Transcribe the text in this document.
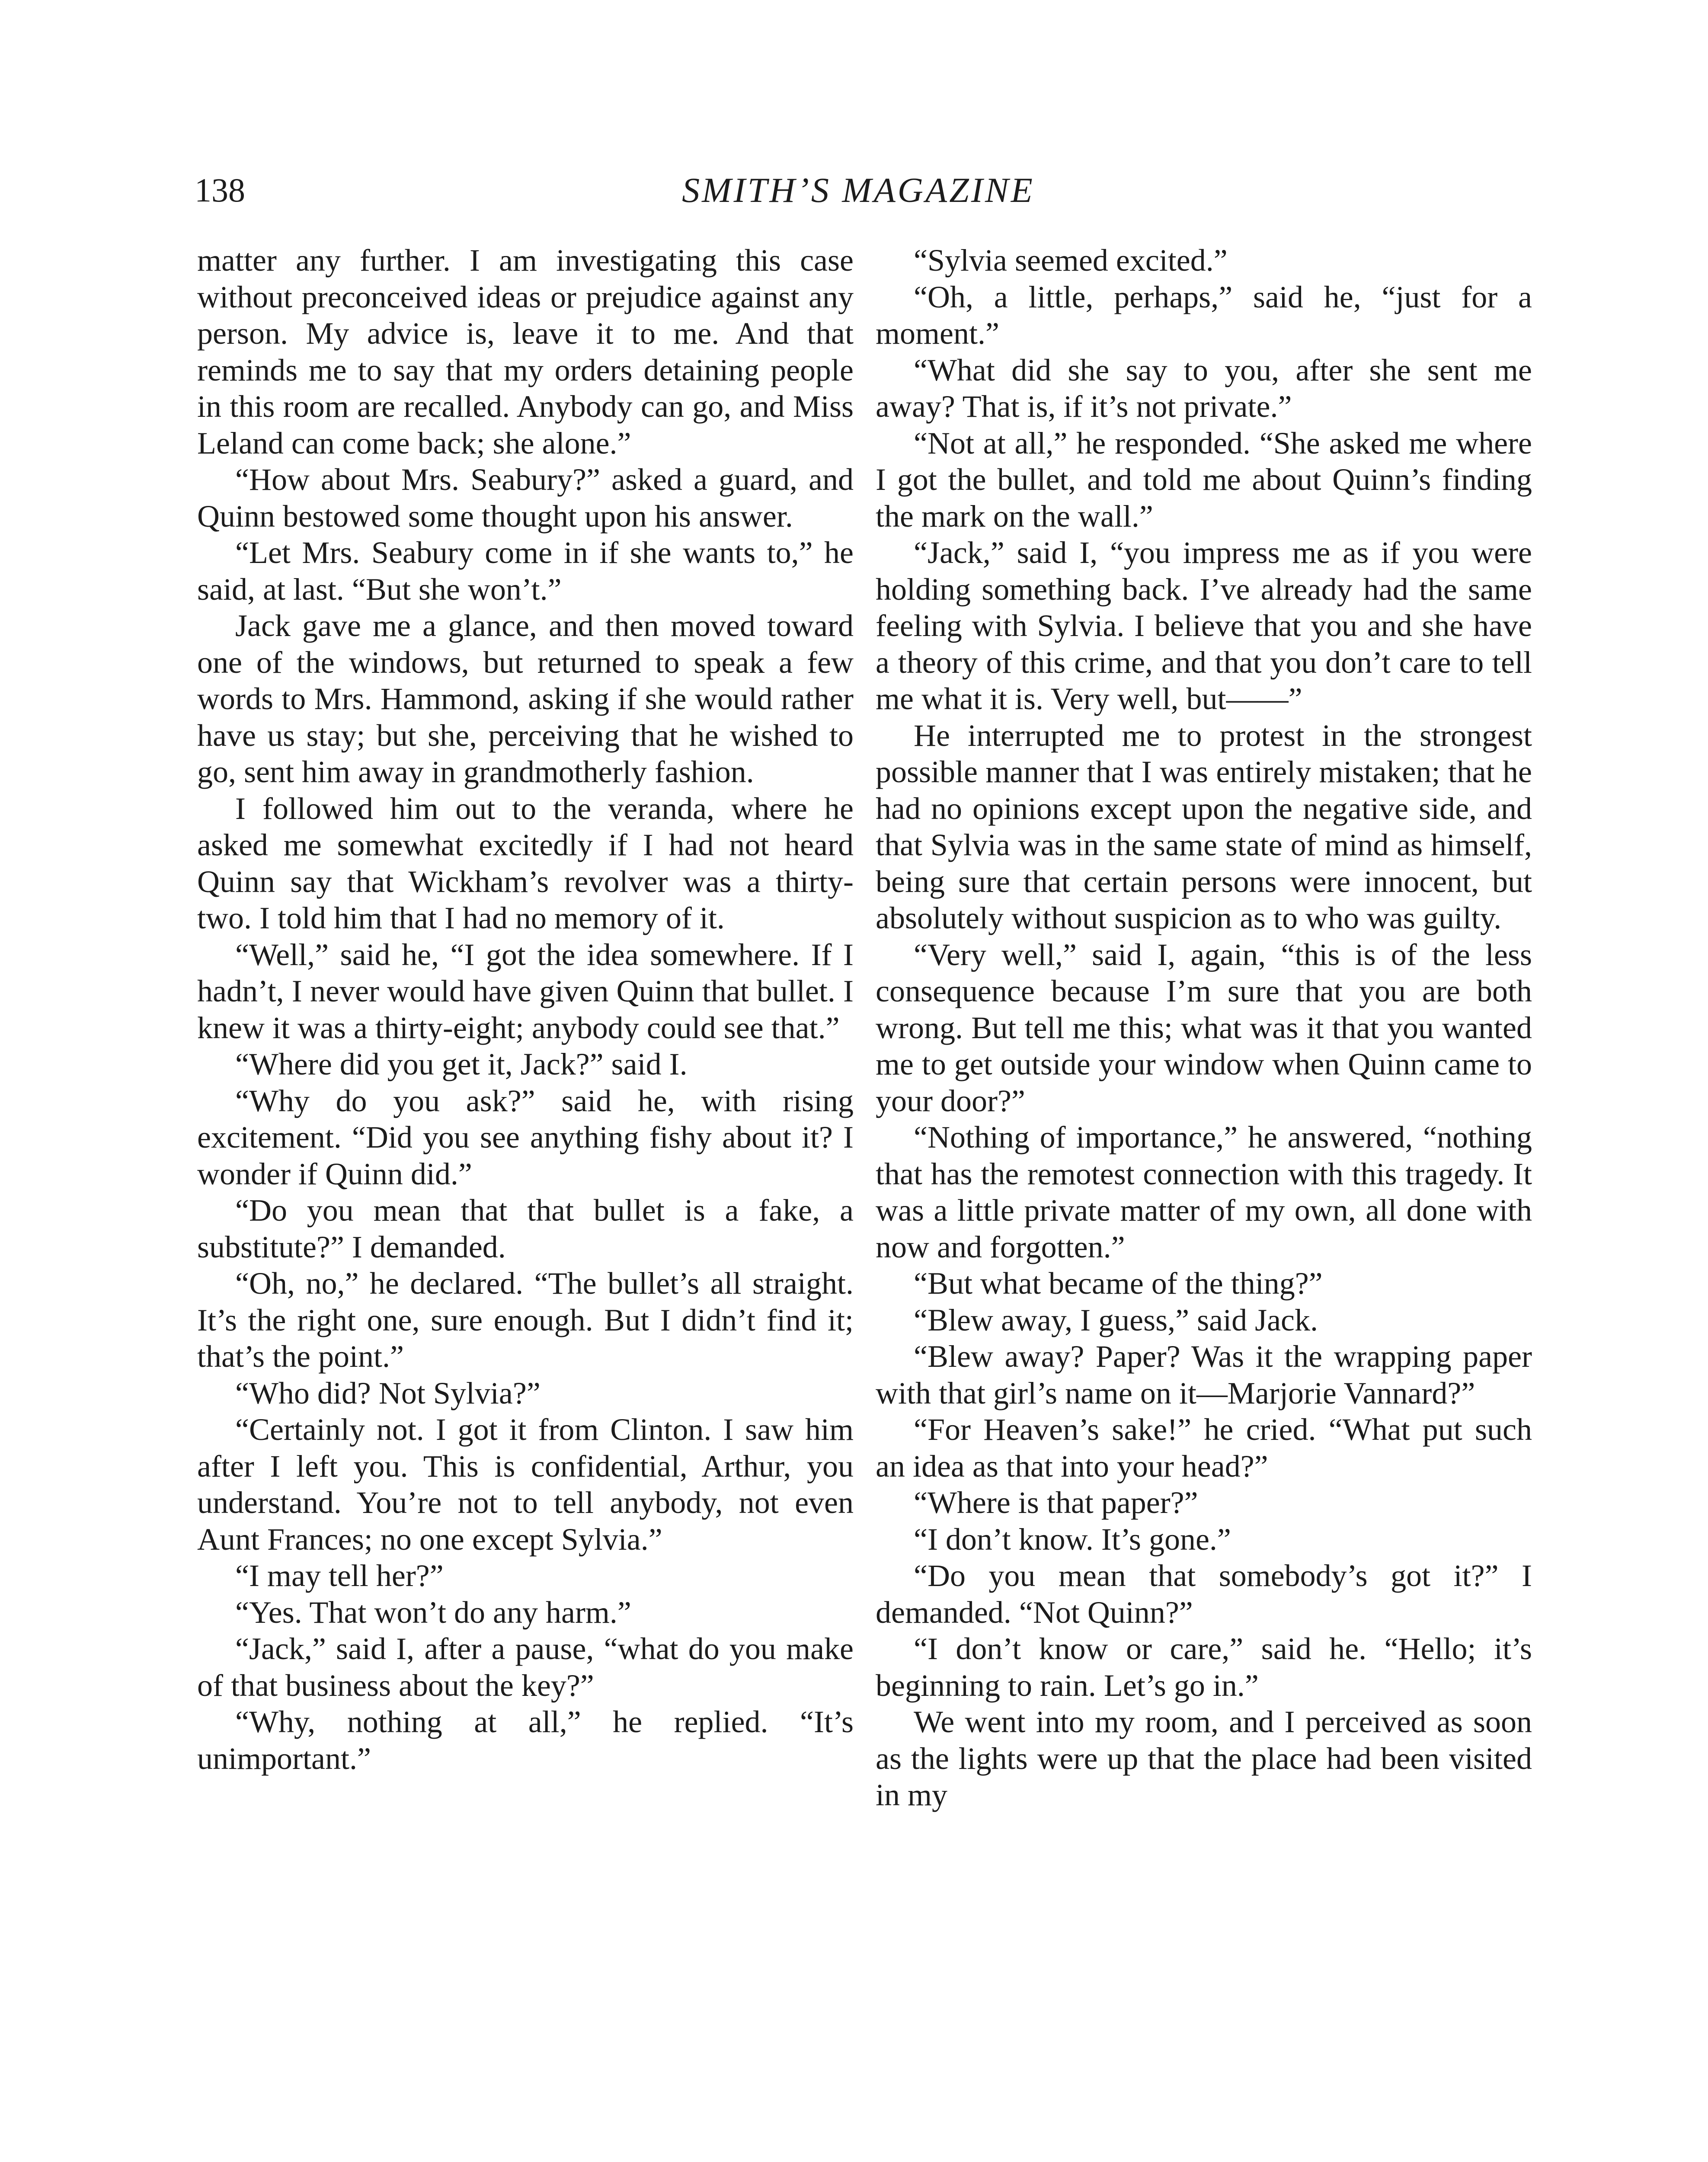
138	SMITH’S MAGAZINE

matter any further. I am investigating this case without preconceived ideas or prejudice against any person. My advice is, leave it to me. And that reminds me to say that my orders detaining people in this room are recalled. Anybody can go, and Miss Leland can come back; she alone.”

“How about Mrs. Seabury?” asked a guard, and Quinn bestowed some thought upon his answer.

“Let Mrs. Seabury come in if she wants to,” he said, at last. “But she won’t.”

Jack gave me a glance, and then moved toward one of the windows, but returned to speak a few words to Mrs. Hammond, asking if she would rather have us stay; but she, perceiving that he wished to go, sent him away in grandmotherly fashion.

I followed him out to the veranda, where he asked me somewhat excitedly if I had not heard Quinn say that Wickham’s revolver was a thirty-two. I told him that I had no memory of it.

“Well,” said he, “I got the idea somewhere. If I hadn’t, I never would have given Quinn that bullet. I knew it was a thirty-eight; anybody could see that.”

“Where did you get it, Jack?” said I.

“Why do you ask?” said he, with rising excitement. “Did you see anything fishy about it? I wonder if Quinn did.”

“Do you mean that that bullet is a fake, a substitute?” I demanded.

“Oh, no,” he declared. “The bullet’s all straight. It’s the right one, sure enough. But I didn’t find it; that’s the point.”

“Who did? Not Sylvia?”

“Certainly not. I got it from Clinton. I saw him after I left you. This is confidential, Arthur, you understand. You’re not to tell anybody, not even Aunt Frances; no one except Sylvia.”

“I may tell her?”

“Yes. That won’t do any harm.”

“Jack,” said I, after a pause, “what do you make of that business about the key?”

“Why, nothing at all,” he replied. “It’s unimportant.”

“Sylvia seemed excited.”

“Oh, a little, perhaps,” said he, “just for a moment.”

“What did she say to you, after she sent me away? That is, if it’s not private.”

“Not at all,” he responded. “She asked me where I got the bullet, and told me about Quinn’s finding the mark on the wall.”

“Jack,” said I, “you impress me as if you were holding something back. I’ve already had the same feeling with Sylvia. I believe that you and she have a theory of this crime, and that you don’t care to tell me what it is. Very well, but——”

He interrupted me to protest in the strongest possible manner that I was entirely mistaken; that he had no opinions except upon the negative side, and that Sylvia was in the same state of mind as himself, being sure that certain persons were innocent, but absolutely without suspicion as to who was guilty.

“Very well,” said I, again, “this is of the less consequence because I’m sure that you are both wrong. But tell me this; what was it that you wanted me to get outside your window when Quinn came to your door?”

“Nothing of importance,” he answered, “nothing that has the remotest connection with this tragedy. It was a little private matter of my own, all done with now and forgotten.”

“But what became of the thing?”

“Blew away, I guess,” said Jack.

“Blew away? Paper? Was it the wrapping paper with that girl’s name on it—Marjorie Vannard?”

“For Heaven’s sake!” he cried. “What put such an idea as that into your head?”

“Where is that paper?”

“I don’t know. It’s gone.”

“Do you mean that somebody’s got it?” I demanded. “Not Quinn?”

“I don’t know or care,” said he. “Hello; it’s beginning to rain. Let’s go in.”

We went into my room, and I perceived as soon as the lights were up that the place had been visited in my
